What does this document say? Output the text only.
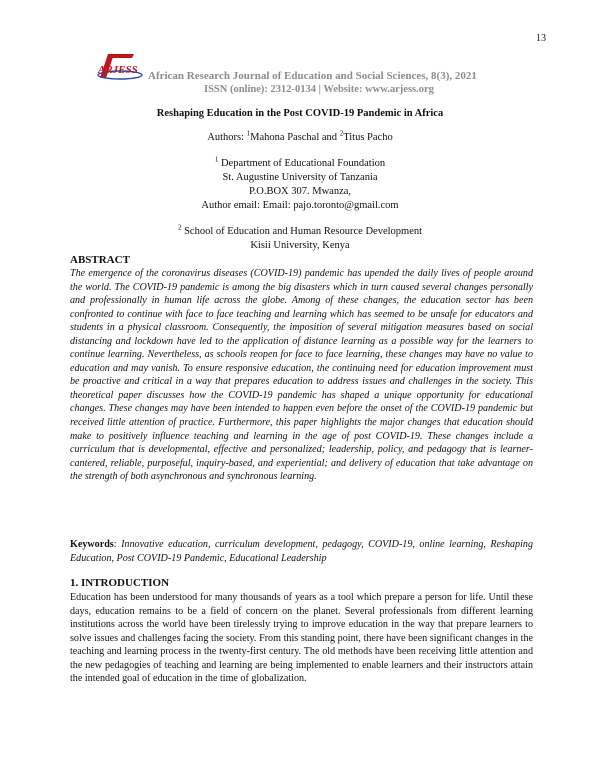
13
ARJESS African Research Journal of Education and Social Sciences, 8(3), 2021
ISSN (online): 2312-0134 | Website: www.arjess.org
Reshaping Education in the Post COVID-19 Pandemic in Africa
Authors: $^1$Mahona Paschal and $^2$Titus Pacho
$^1$ Department of Educational Foundation
St. Augustine University of Tanzania
P.O.BOX 307. Mwanza,
Author email: Email: pajo.toronto@gmail.com
$^2$ School of Education and Human Resource Development
Kisii University, Kenya
ABSTRACT

The emergence of the coronavirus diseases (COVID-19) pandemic has upended the daily lives of people around the world. The COVID-19 pandemic is among the big disasters which in turn caused several changes personally and professionally in human life across the globe. Among of these changes, the education sector has been confronted to continue with face to face teaching and learning which has seemed to be unsafe for educators and students in a physical classroom. Consequently, the imposition of several mitigation measures based on social distancing and lockdown have led to the application of distance learning as a possible way for the learners to continue learning. Nevertheless, as schools reopen for face to face learning, these changes may have no value to education and may vanish. To ensure responsive education, the continuing need for education improvement must be proactive and critical in a way that prepares education to address issues and challenges in the society. This theoretical paper discusses how the COVID-19 pandemic has shaped a unique opportunity for educational changes. These changes may have been intended to happen even before the onset of the COVID-19 pandemic but received little attention of practice. Furthermore, this paper highlights the major changes that education should make to positively influence teaching and learning in the age of post COVID-19. These changes include a curriculum that is developmental, effective and personalized; leadership, policy, and pedagogy that is learner- cantered, reliable, purposeful, inquiry-based, and experiential; and delivery of education that take advantage on the strength of both asynchronous and synchronous learning.

Keywords: Innovative education, curriculum development, pedagogy, COVID-19, online learning, Reshaping Education, Post COVID-19 Pandemic, Educational Leadership

1. INTRODUCTION

Education has been understood for many thousands of years as a tool which prepare a person for life. Until these days, education remains to be a field of concern on the planet. Several professionals from different learning institutions across the world have been tirelessly trying to improve education in the way that prepare learners to solve issues and challenges facing the society. From this standing point, there have been significant changes in the teaching and learning process in the twenty-first century. The old methods have been receiving little attention and the new pedagogies of teaching and learning are being implemented to enable learners and their instructors attain the intended goal of education in the time of globalization.
